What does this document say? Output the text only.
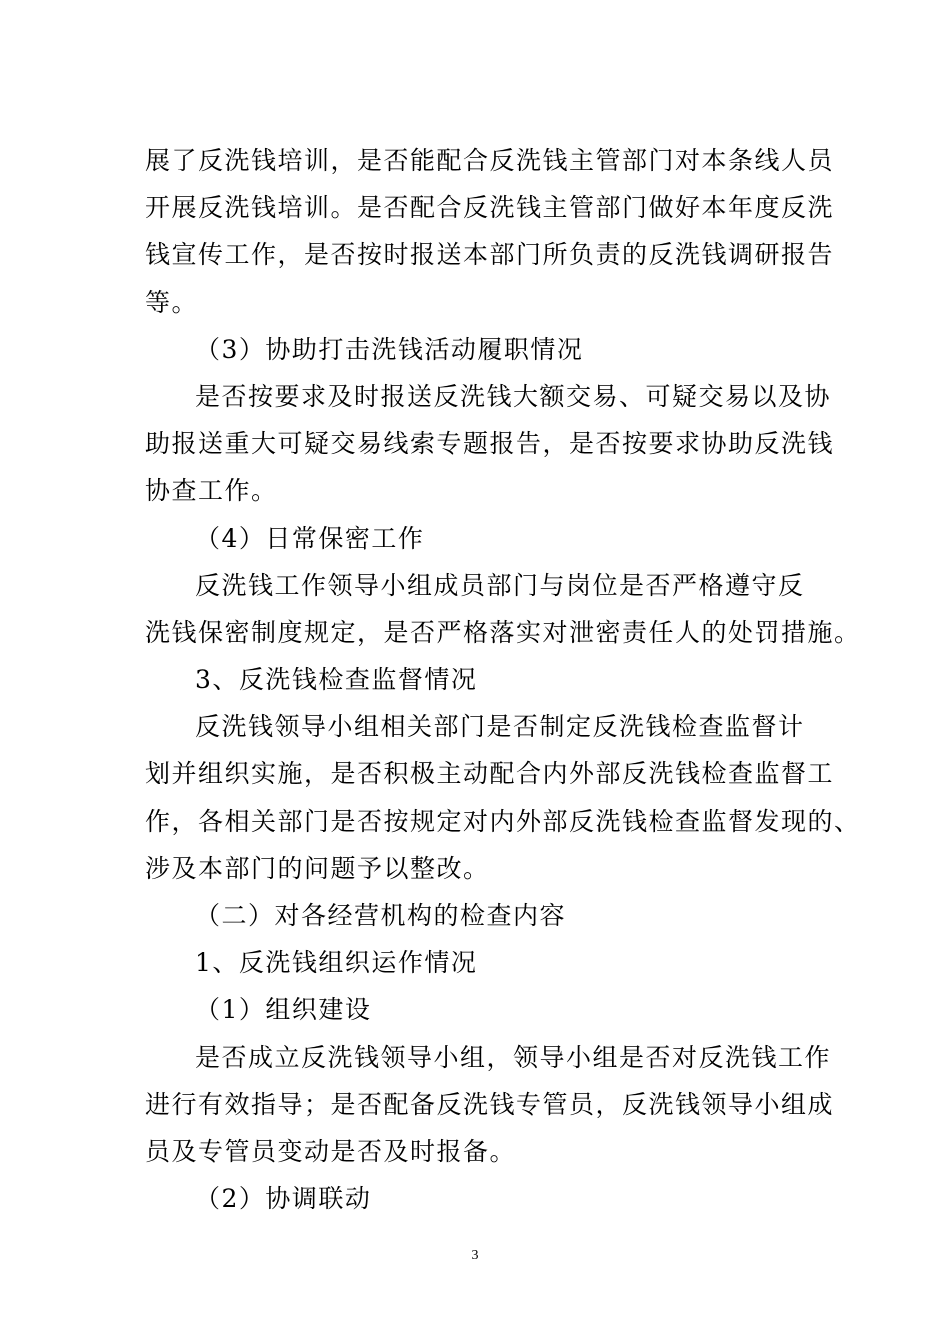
展了反洗钱培训，是否能配合反洗钱主管部门对本条线人员
开展反洗钱培训。是否配合反洗钱主管部门做好本年度反洗
钱宣传工作，是否按时报送本部门所负责的反洗钱调研报告
等。
（3）协助打击洗钱活动履职情况
是否按要求及时报送反洗钱大额交易、可疑交易以及协
助报送重大可疑交易线索专题报告，是否按要求协助反洗钱
协查工作。
（4）日常保密工作
反洗钱工作领导小组成员部门与岗位是否严格遵守反
洗钱保密制度规定，是否严格落实对泄密责任人的处罚措施。
3、反洗钱检查监督情况
反洗钱领导小组相关部门是否制定反洗钱检查监督计
划并组织实施，是否积极主动配合内外部反洗钱检查监督工
作，各相关部门是否按规定对内外部反洗钱检查监督发现的、
涉及本部门的问题予以整改。
（二）对各经营机构的检查内容
1、反洗钱组织运作情况
（1）组织建设
是否成立反洗钱领导小组，领导小组是否对反洗钱工作
进行有效指导；是否配备反洗钱专管员，反洗钱领导小组成
员及专管员变动是否及时报备。
（2）协调联动
3
